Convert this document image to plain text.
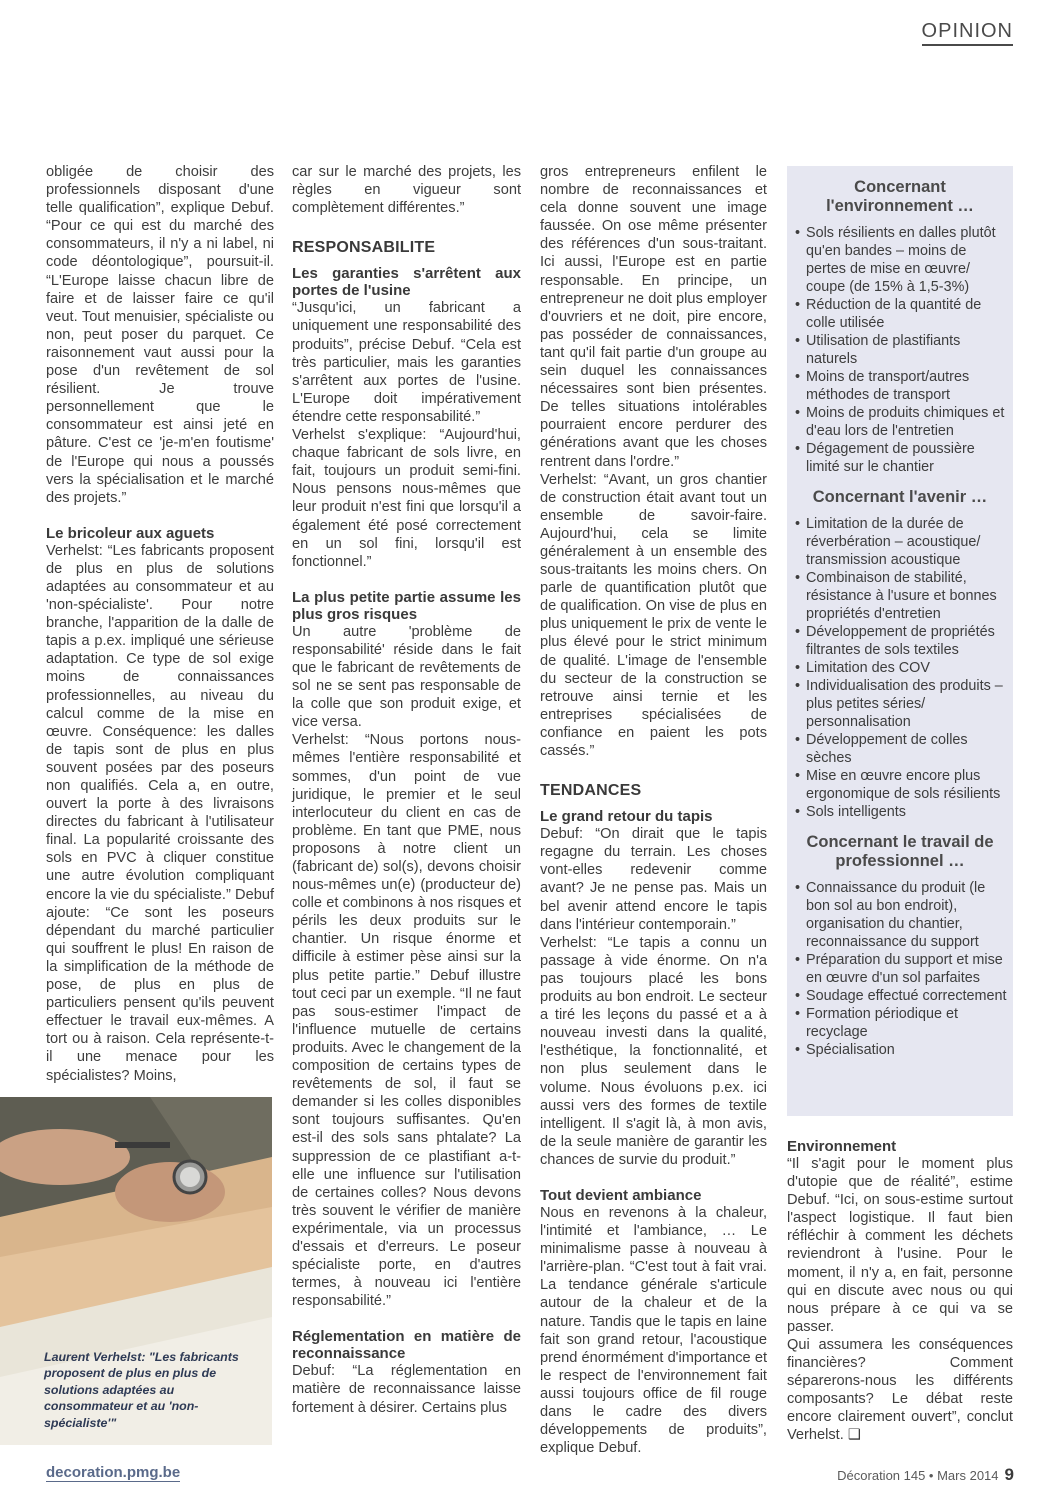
OPINION

obligée de choisir des professionnels disposant d'une telle qualification”, explique Debuf. “Pour ce qui est du marché des consommateurs, il n'y a ni label, ni code déontologique”, poursuit-il. “L'Europe laisse chacun libre de faire et de laisser faire ce qu'il veut. Tout menuisier, spécialiste ou non, peut poser du parquet. Ce raisonnement vaut aussi pour la pose d'un revêtement de sol résilient. Je trouve personnellement que le consommateur est ainsi jeté en pâture. C'est ce 'je-m'en foutisme' de l'Europe qui nous a poussés vers la spécialisation et le marché des projets.”

Le bricoleur aux aguets

Verhelst: “Les fabricants proposent de plus en plus de solutions adaptées au consommateur et au 'non-spécialiste'. Pour notre branche, l'apparition de la dalle de tapis a p.ex. impliqué une sérieuse adaptation. Ce type de sol exige moins de connaissances professionnelles, au niveau du calcul comme de la mise en œuvre. Conséquence: les dalles de tapis sont de plus en plus souvent posées par des poseurs non qualifiés. Cela a, en outre, ouvert la porte à des livraisons directes du fabricant à l'utilisateur final. La popularité croissante des sols en PVC à cliquer constitue une autre évolution compliquant encore la vie du spécialiste.” Debuf ajoute: “Ce sont les poseurs dépendant du marché particulier qui souffrent le plus! En raison de la simplification de la méthode de pose, de plus en plus de particuliers pensent qu'ils peuvent effectuer le travail eux-mêmes. A tort ou à raison. Cela représente-t-il une menace pour les spécialistes? Moins,

car sur le marché des projets, les règles en vigueur sont complètement différentes.”

RESPONSABILITE
Les garanties s'arrêtent aux portes de l'usine

“Jusqu'ici, un fabricant a uniquement une responsabilité des produits”, précise Debuf. “Cela est très particulier, mais les garanties s'arrêtent aux portes de l'usine. L'Europe doit impérativement étendre cette responsabilité.”

Verhelst s'explique: “Aujourd'hui, chaque fabricant de sols livre, en fait, toujours un produit semi-fini. Nous pensons nous-mêmes que leur produit n'est fini que lorsqu'il a également été posé correctement en un sol fini, lorsqu'il est fonctionnel.”

La plus petite partie assume les plus gros risques

Un autre 'problème de responsabilité' réside dans le fait que le fabricant de revêtements de sol ne se sent pas responsable de la colle que son produit exige, et vice versa.

Verhelst: “Nous portons nous-mêmes l'entière responsabilité et sommes, d'un point de vue juridique, le premier et le seul interlocuteur du client en cas de problème. En tant que PME, nous proposons à notre client un (fabricant de) sol(s), devons choisir nous-mêmes un(e) (producteur de) colle et combinons à nos risques et périls les deux produits sur le chantier. Un risque énorme et difficile à estimer pèse ainsi sur la plus petite partie.” Debuf illustre tout ceci par un exemple. “Il ne faut pas sous-estimer l'impact de l'influence mutuelle de certains produits. Avec le changement de la composition de certains types de revêtements de sol, il faut se demander si les colles disponibles sont toujours suffisantes. Qu'en est-il des sols sans phtalate? La suppression de ce plastifiant a-t-elle une influence sur l'utilisation de certaines colles? Nous devons très souvent le vérifier de manière expérimentale, via un processus d'essais et d'erreurs. Le poseur spécialiste porte, en d'autres termes, à nouveau ici l'entière responsabilité.”

Réglementation en matière de reconnaissance

Debuf: “La réglementation en matière de reconnaissance laisse fortement à désirer. Certains plus

gros entrepreneurs enfilent le nombre de reconnaissances et cela donne souvent une image faussée. On ose même présenter des références d'un sous-traitant. Ici aussi, l'Europe est en partie responsable. En principe, un entrepreneur ne doit plus employer d'ouvriers et ne doit, pire encore, pas posséder de connaissances, tant qu'il fait partie d'un groupe au sein duquel les connaissances nécessaires sont bien présentes. De telles situations intolérables pourraient encore perdurer des générations avant que les choses rentrent dans l'ordre.”

Verhelst: “Avant, un gros chantier de construction était avant tout un ensemble de savoir-faire. Aujourd'hui, cela se limite généralement à un ensemble des sous-traitants les moins chers. On parle de quantification plutôt que de qualification. On vise de plus en plus uniquement le prix de vente le plus élevé pour le strict minimum de qualité. L'image de l'ensemble du secteur de la construction se retrouve ainsi ternie et les entreprises spécialisées de confiance en paient les pots cassés.”

TENDANCES
Le grand retour du tapis

Debuf: “On dirait que le tapis regagne du terrain. Les choses vont-elles redevenir comme avant? Je ne pense pas. Mais un bel avenir attend encore le tapis dans l'intérieur contemporain.”

Verhelst: “Le tapis a connu un passage à vide énorme. On n'a pas toujours placé les bons produits au bon endroit. Le secteur a tiré les leçons du passé et a à nouveau investi dans la qualité, l'esthétique, la fonctionnalité, et non plus seulement dans le volume. Nous évoluons p.ex. ici aussi vers des formes de textile intelligent. Il s'agit là, à mon avis, de la seule manière de garantir les chances de survie du produit.”

Tout devient ambiance

Nous en revenons à la chaleur, l'intimité et l'ambiance, … Le minimalisme passe à nouveau à l'arrière-plan. “C'est tout à fait vrai. La tendance générale s'articule autour de la chaleur et de la nature. Tandis que le tapis en laine fait son grand retour, l'acoustique prend énormément d'importance et le respect de l'environnement fait aussi toujours office de fil rouge dans le cadre des divers développements de produits”, explique Debuf.

Concernant l'environnement …
• Sols résilients en dalles plutôt qu'en bandes – moins de pertes de mise en œuvre/ coupe (de 15% à 1,5-3%)
• Réduction de la quantité de colle utilisée
• Utilisation de plastifiants naturels
• Moins de transport/autres méthodes de transport
• Moins de produits chimiques et d'eau lors de l'entretien
• Dégagement de poussière limité sur le chantier
Concernant l'avenir …
• Limitation de la durée de réverbération – acoustique/ transmission acoustique
• Combinaison de stabilité, résistance à l'usure et bonnes propriétés d'entretien
• Développement de propriétés filtrantes de sols textiles
• Limitation des COV
• Individualisation des produits – plus petites séries/ personnalisation
• Développement de colles sèches
• Mise en œuvre encore plus ergonomique de sols résilients
• Sols intelligents
Concernant le travail de professionnel …
• Connaissance du produit (le bon sol au bon endroit), organisation du chantier, reconnaissance du support
• Préparation du support et mise en œuvre d'un sol parfaites
• Soudage effectué correctement
• Formation périodique et recyclage
• Spécialisation
Environnement

“Il s'agit pour le moment plus d'utopie que de réalité”, estime Debuf. “Ici, on sous-estime surtout l'aspect logistique. Il faut bien réfléchir à comment les déchets reviendront à l'usine. Pour le moment, il n'y a, en fait, personne qui en discute avec nous ou qui nous prépare à ce qui va se passer.

Qui assumera les conséquences financières? Comment séparerons-nous les différents composants? Le débat reste encore clairement ouvert”, conclut Verhelst. ❑

Laurent Verhelst: "Les fabricants proposent de plus en plus de solutions adaptées au consommateur et au 'non-spécialiste'"
decoration.pmg.be	Décoration 145 • Mars 2014 9
